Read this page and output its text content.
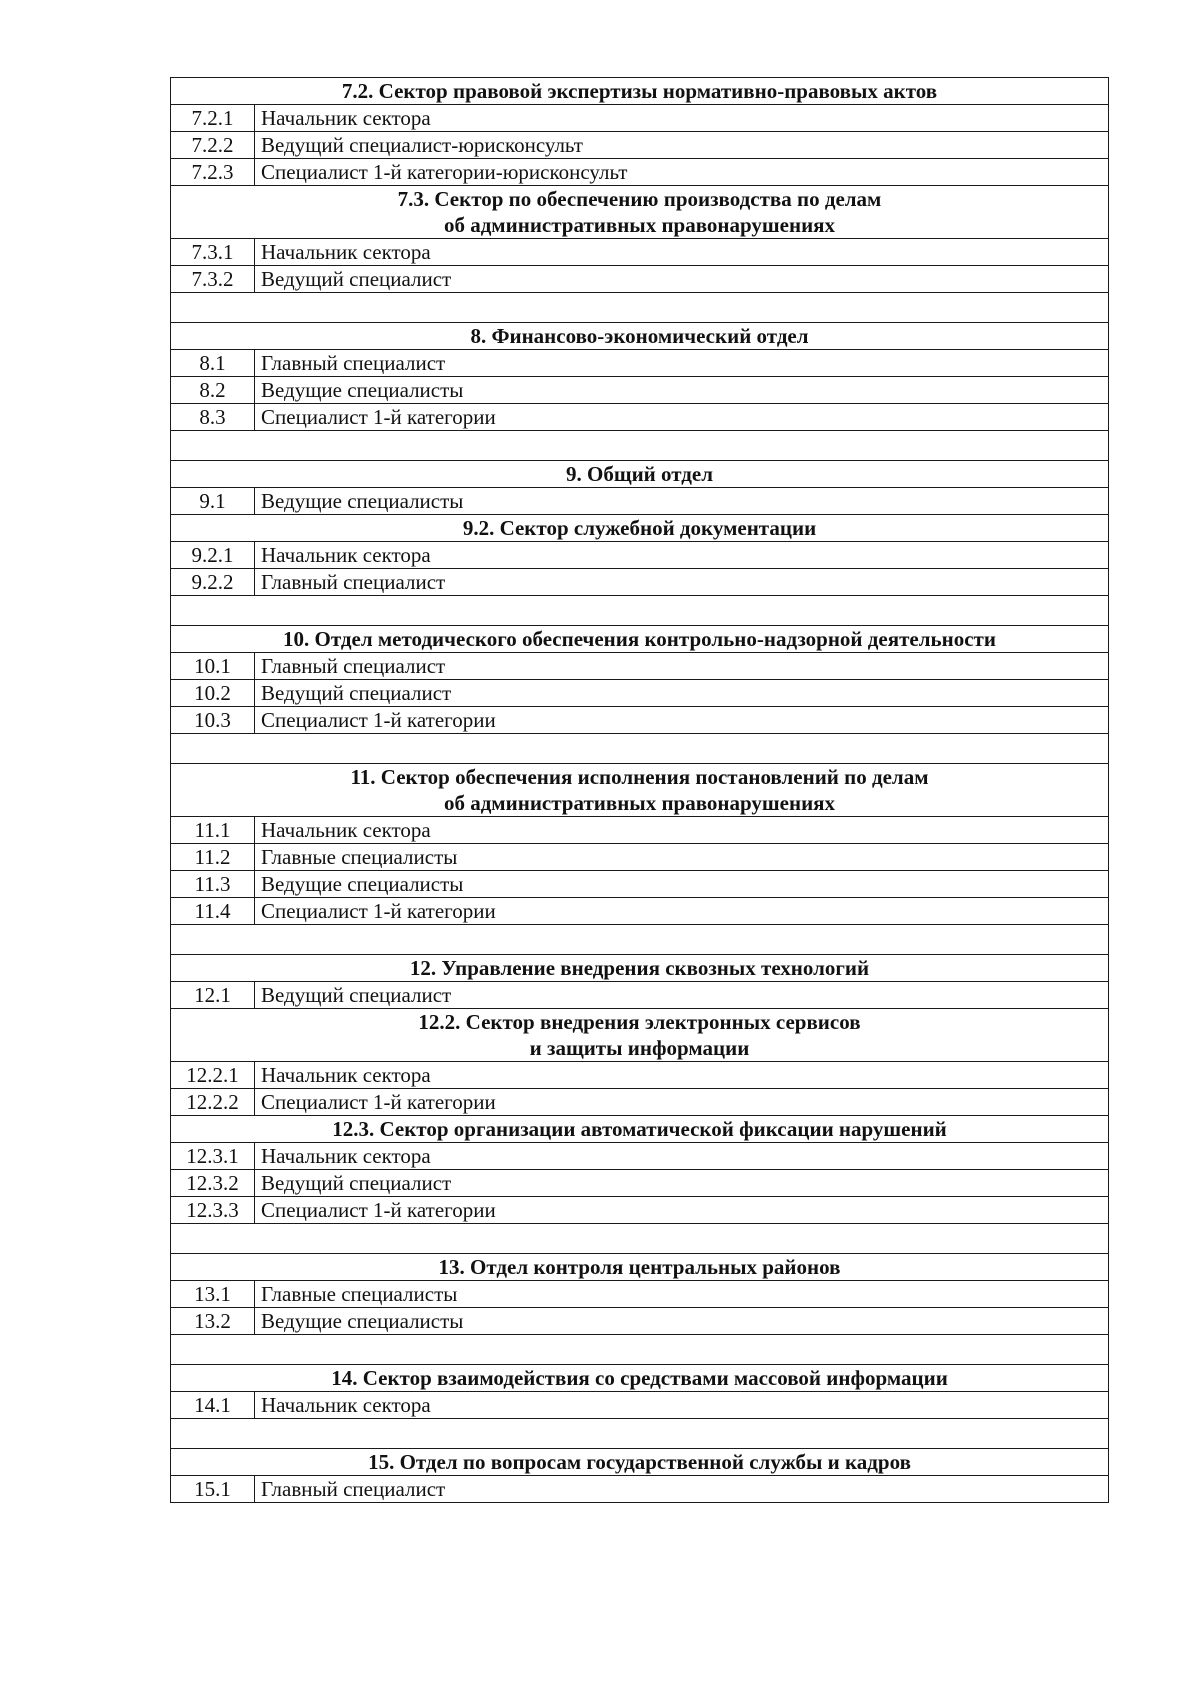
7.2. Сектор правовой экспертизы нормативно-правовых актов	
7.2.1	Начальник сектора
7.2.2	Ведущий специалист-юрисконсульт
7.2.3	Специалист 1-й категории-юрисконсульт

7.3. Сектор по обеспечению производства по делам
об административных правонарушениях	

7.3.1	Начальник сектора
7.3.2	Ведущий специалист

8. Финансово-экономический отдел	
8.1	Главный специалист
8.2	Ведущие специалисты
8.3	Специалист 1-й категории

9. Общий отдел	
9.1	Ведущие специалисты
9.2. Сектор служебной документации	
9.2.1	Начальник сектора
9.2.2	Главный специалист

10. Отдел методического обеспечения контрольно-надзорной деятельности	
10.1	Главный специалист
10.2	Ведущий специалист
10.3	Специалист 1-й категории

11. Сектор обеспечения исполнения постановлений по делам
об административных правонарушениях	

11.1	Начальник сектора
11.2	Главные специалисты
11.3	Ведущие специалисты
11.4	Специалист 1-й категории

12. Управление внедрения сквозных технологий	
12.1	Ведущий специалист

12.2. Сектор внедрения электронных сервисов
и защиты информации	

12.2.1	Начальник сектора
12.2.2	Специалист 1-й категории
12.3. Сектор организации автоматической фиксации нарушений	
12.3.1	Начальник сектора
12.3.2	Ведущий специалист
12.3.3	Специалист 1-й категории

13. Отдел контроля центральных районов	
13.1	Главные специалисты
13.2	Ведущие специалисты

14. Сектор взаимодействия со средствами массовой информации	
14.1	Начальник сектора

15. Отдел по вопросам государственной службы и кадров	
15.1	Главный специалист
